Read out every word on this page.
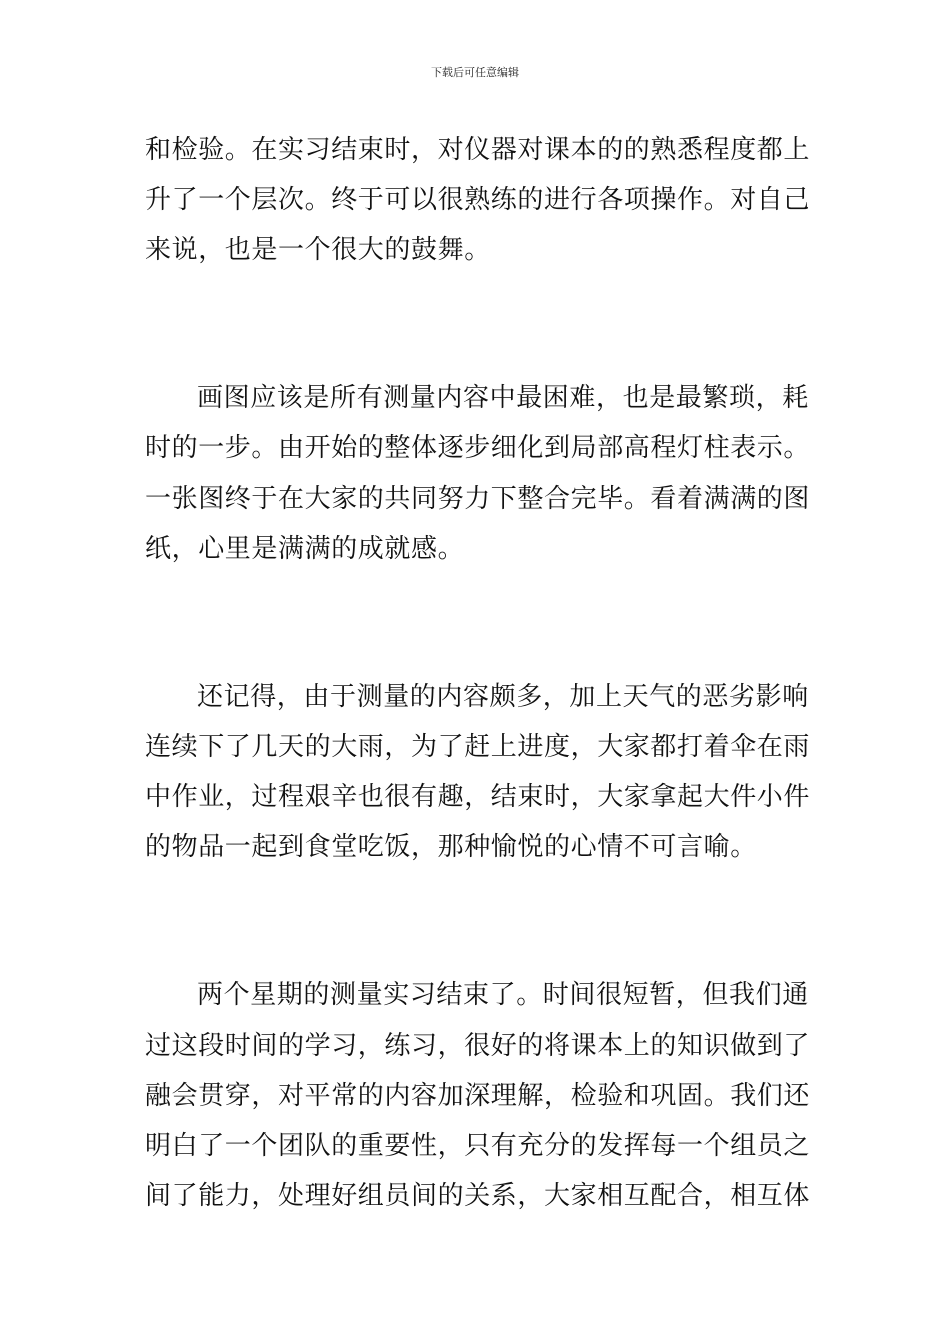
下载后可任意编辑
和检验。在实习结束时，对仪器对课本的的熟悉程度都上
升了一个层次。终于可以很熟练的进行各项操作。对自己
来说，也是一个很大的鼓舞。
画图应该是所有测量内容中最困难，也是最繁琐，耗
时的一步。由开始的整体逐步细化到局部高程灯柱表示。
一张图终于在大家的共同努力下整合完毕。看着满满的图
纸，心里是满满的成就感。
还记得，由于测量的内容颇多，加上天气的恶劣影响
连续下了几天的大雨，为了赶上进度，大家都打着伞在雨
中作业，过程艰辛也很有趣，结束时，大家拿起大件小件
的物品一起到食堂吃饭，那种愉悦的心情不可言喻。
两个星期的测量实习结束了。时间很短暂，但我们通
过这段时间的学习，练习，很好的将课本上的知识做到了
融会贯穿，对平常的内容加深理解，检验和巩固。我们还
明白了一个团队的重要性，只有充分的发挥每一个组员之
间了能力，处理好组员间的关系，大家相互配合，相互体
